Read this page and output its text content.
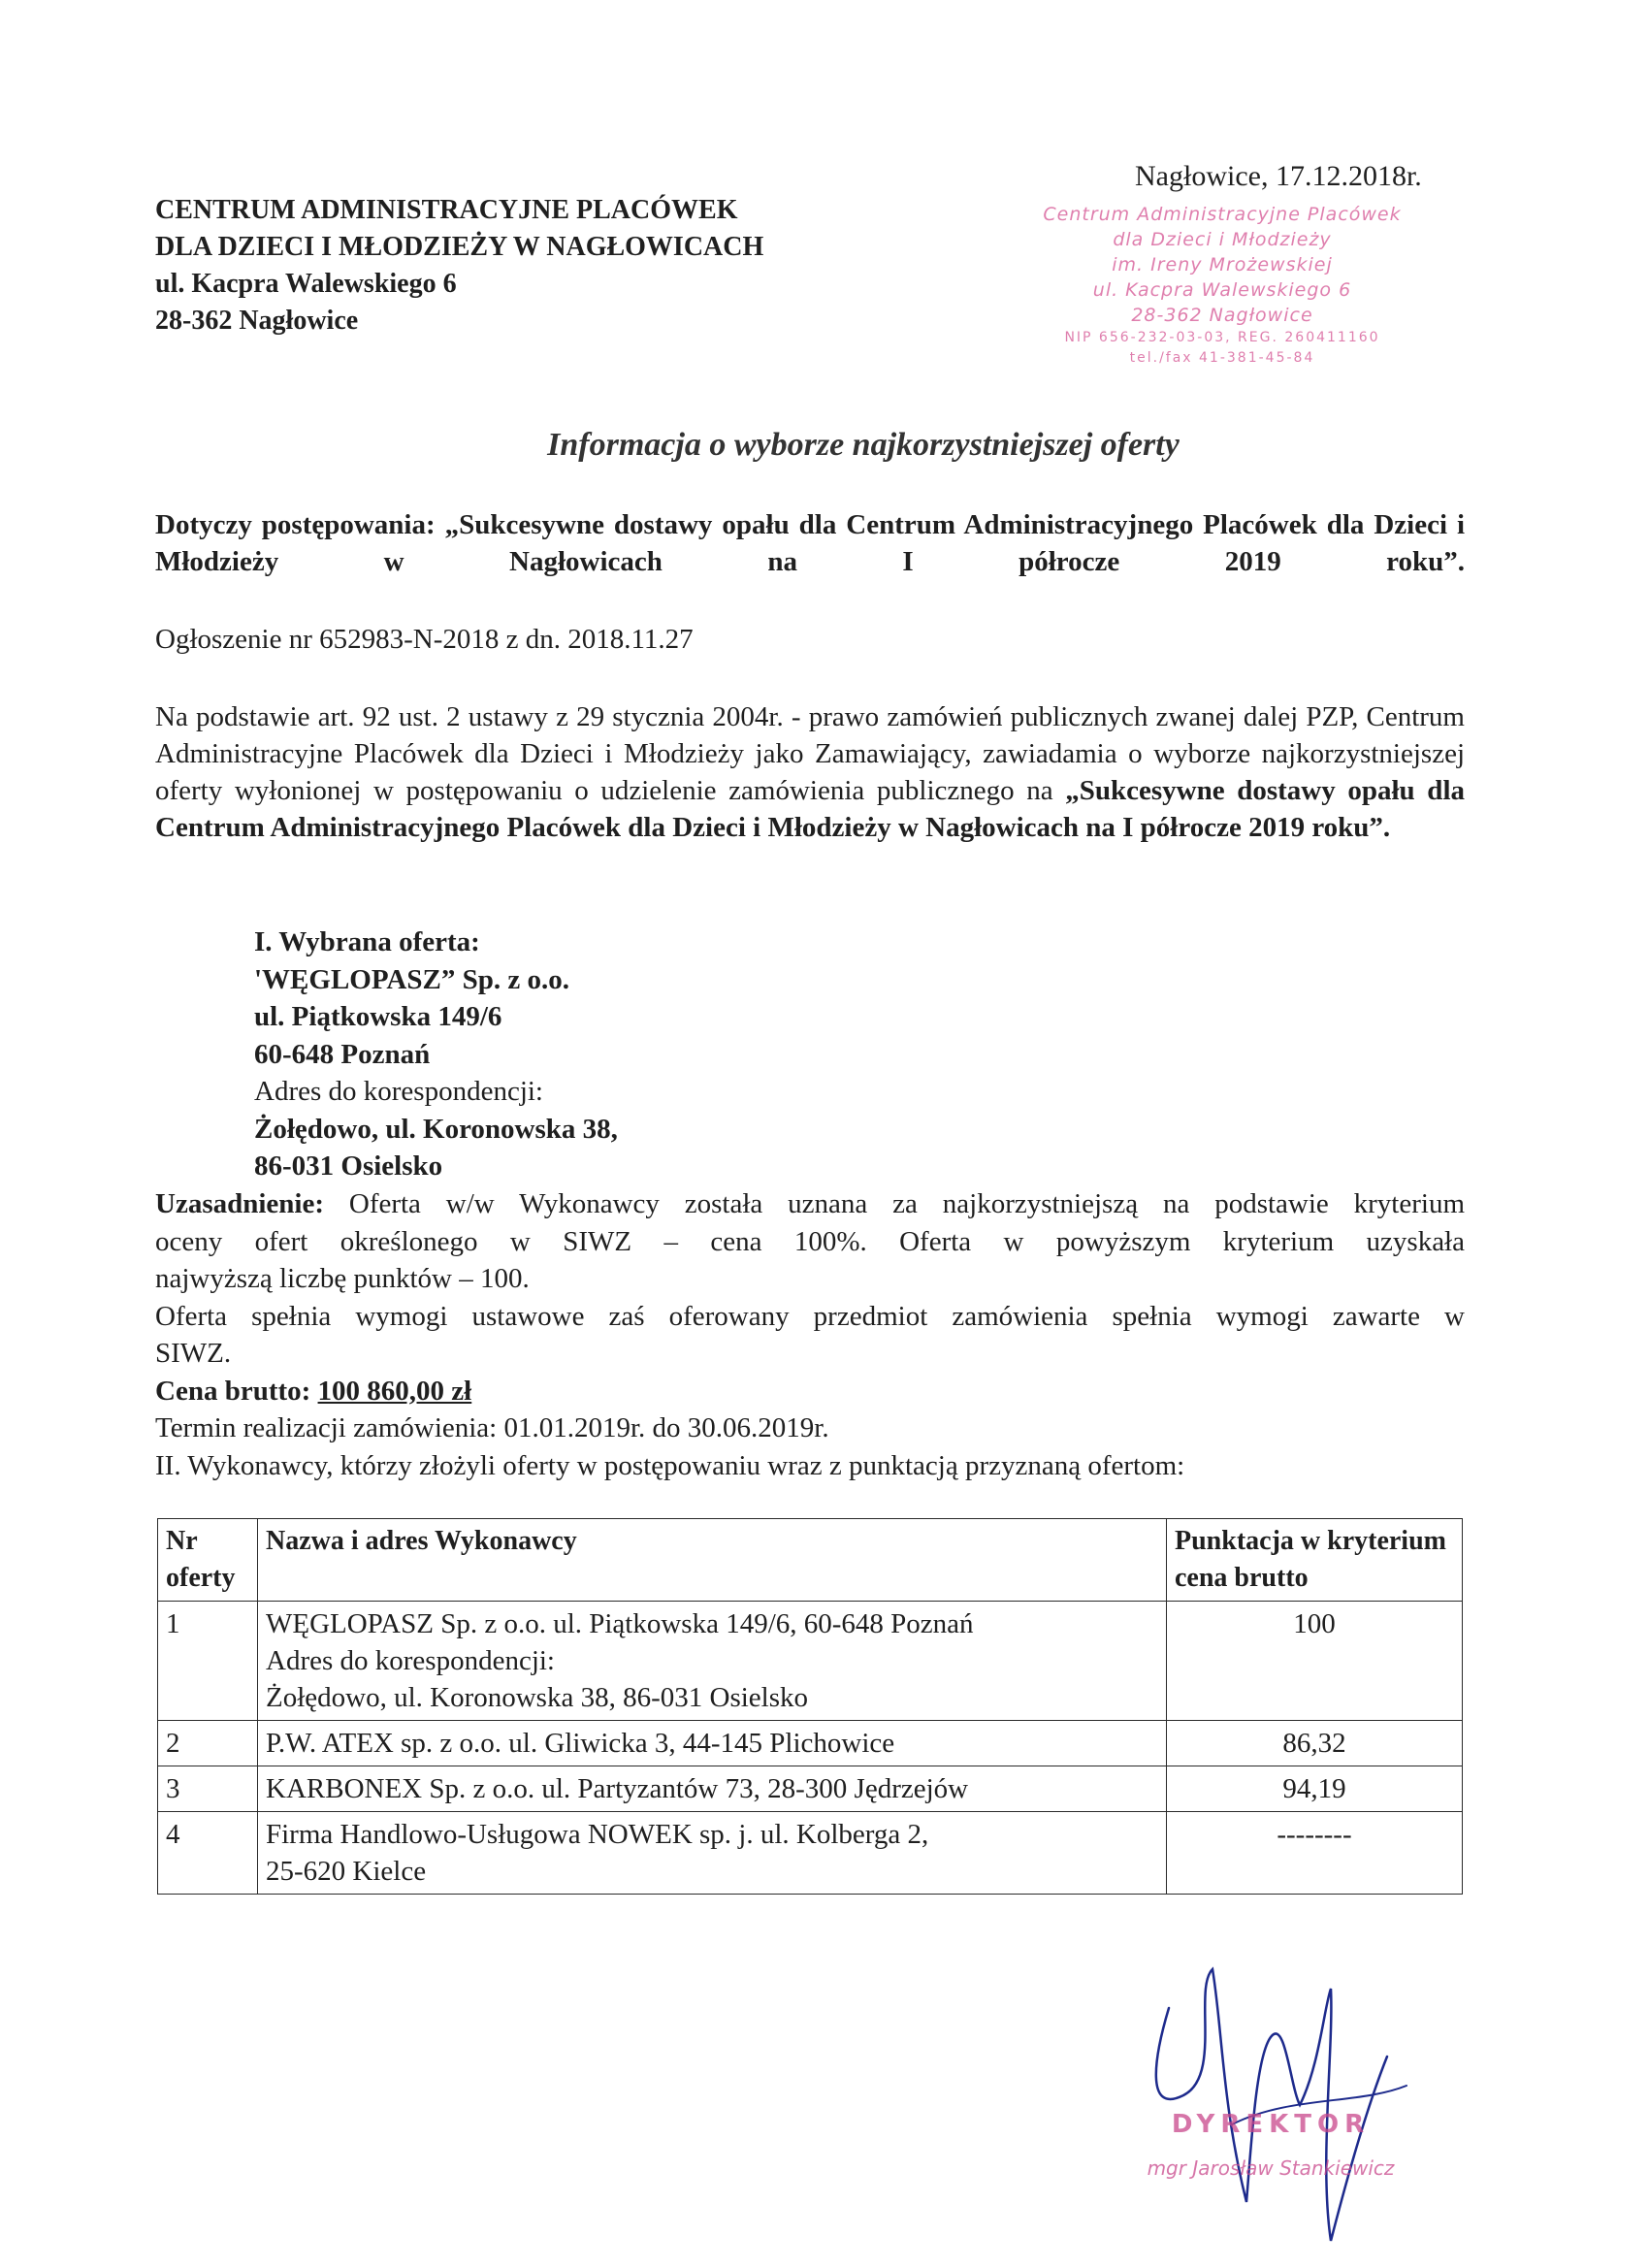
Nagłowice, 17.12.2018r.
CENTRUM ADMINISTRACYJNE PLACÓWEK
DLA DZIECI I MŁODZIEŻY W NAGŁOWICACH
ul. Kacpra Walewskiego 6
28-362 Nagłowice
Centrum Administracyjne Placówek
dla Dzieci i Młodzieży
im. Ireny Mrożewskiej
ul. Kacpra Walewskiego 6
28-362 Nagłowice
NIP 656-232-03-03, REG. 260411160
tel./fax 41-381-45-84
Informacja o wyborze najkorzystniejszej oferty
Dotyczy postępowania: „Sukcesywne dostawy opału dla Centrum Administracyjnego Placówek dla Dzieci i Młodzieży w Nagłowicach na I półrocze 2019 roku”.
Ogłoszenie nr 652983-N-2018 z dn. 2018.11.27
Na podstawie art. 92 ust. 2 ustawy z 29 stycznia 2004r. - prawo zamówień publicznych zwanej dalej PZP, Centrum Administracyjne Placówek dla Dzieci i Młodzieży jako Zamawiający, zawiadamia o wyborze najkorzystniejszej oferty wyłonionej w postępowaniu o udzielenie zamówienia publicznego na „Sukcesywne dostawy opału dla Centrum Administracyjnego Placówek dla Dzieci i Młodzieży w Nagłowicach na I półrocze 2019 roku”.
I. Wybrana oferta:
'WĘGLOPASZ” Sp. z o.o.
ul. Piątkowska 149/6
60-648 Poznań
Adres do korespondencji:
Żołędowo, ul. Koronowska 38,
86-031 Osielsko
Uzasadnienie: Oferta w/w Wykonawcy została uznana za najkorzystniejszą na podstawie kryterium
oceny ofert określonego w SIWZ – cena 100%. Oferta w powyższym kryterium uzyskała
najwyższą liczbę punktów – 100.
Oferta spełnia wymogi ustawowe zaś oferowany przedmiot zamówienia spełnia wymogi zawarte w
SIWZ.
Cena brutto: 100 860,00 zł
Termin realizacji zamówienia: 01.01.2019r. do 30.06.2019r.
II. Wykonawcy, którzy złożyli oferty w postępowaniu wraz z punktacją przyznaną ofertom:
Nr oferty	Nazwa i adres Wykonawcy	Punktacja w kryterium cena brutto
1	WĘGLOPASZ Sp. z o.o. ul. Piątkowska 149/6, 60-648 Poznań
Adres do korespondencji:
Żołędowo, ul. Koronowska 38, 86-031 Osielsko	100
2	P.W. ATEX sp. z o.o. ul. Gliwicka 3, 44-145 Plichowice	86,32
3	KARBONEX Sp. z o.o. ul. Partyzantów 73, 28-300 Jędrzejów	94,19
4	Firma Handlowo-Usługowa NOWEK sp. j. ul. Kolberga 2,
25-620 Kielce	--------
DYREKTOR
mgr Jarosław Stankiewicz
